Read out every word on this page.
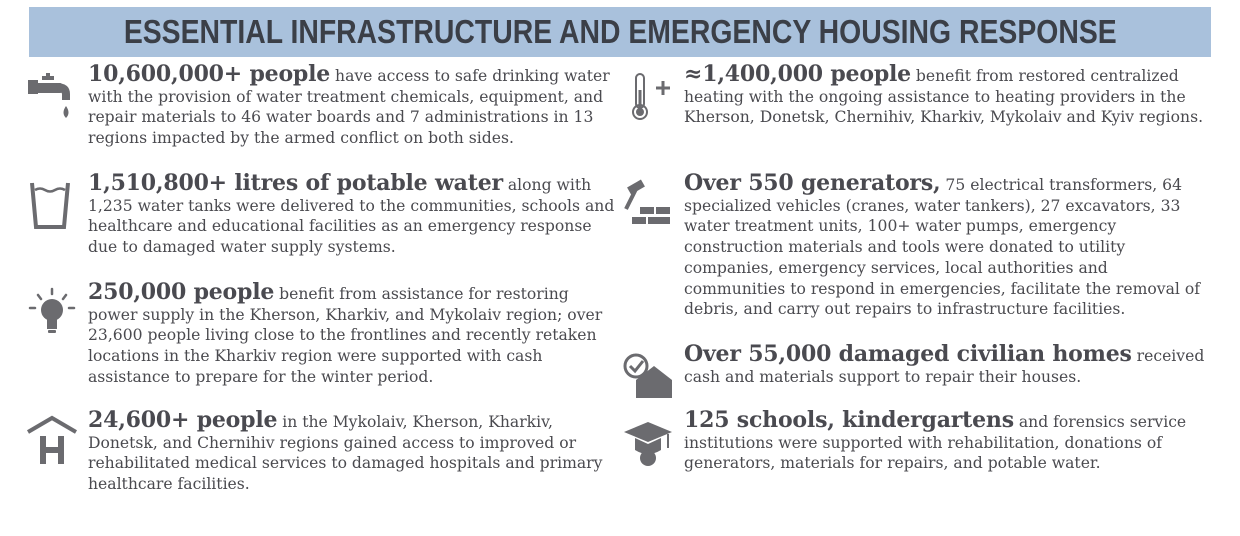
ESSENTIAL INFRASTRUCTURE AND EMERGENCY HOUSING RESPONSE
10,600,000+ people have access to safe drinking water with the provision of water treatment chemicals, equipment, and repair materials to 46 water boards and 7 administrations in 13 regions impacted by the armed conflict on both sides.
1,510,800+ litres of potable water along with 1,235 water tanks were delivered to the communities, schools and healthcare and educational facilities as an emergency response due to damaged water supply systems.
250,000 people benefit from assistance for restoring power supply in the Kherson, Kharkiv, and Mykolaiv region; over 23,600 people living close to the frontlines and recently retaken locations in the Kharkiv region were supported with cash assistance to prepare for the winter period.
24,600+ people in the Mykolaiv, Kherson, Kharkiv, Donetsk, and Chernihiv regions gained access to improved or rehabilitated medical services to damaged hospitals and primary healthcare facilities.
≈1,400,000 people benefit from restored centralized heating with the ongoing assistance to heating providers in the Kherson, Donetsk, Chernihiv, Kharkiv, Mykolaiv and Kyiv regions.
Over 550 generators, 75 electrical transformers, 64 specialized vehicles (cranes, water tankers), 27 excavators, 33 water treatment units, 100+ water pumps, emergency construction materials and tools were donated to utility companies, emergency services, local authorities and communities to respond in emergencies, facilitate the removal of debris, and carry out repairs to infrastructure facilities.
Over 55,000 damaged civilian homes received cash and materials support to repair their houses.
125 schools, kindergartens and forensics service institutions were supported with rehabilitation, donations of generators, materials for repairs, and potable water.
